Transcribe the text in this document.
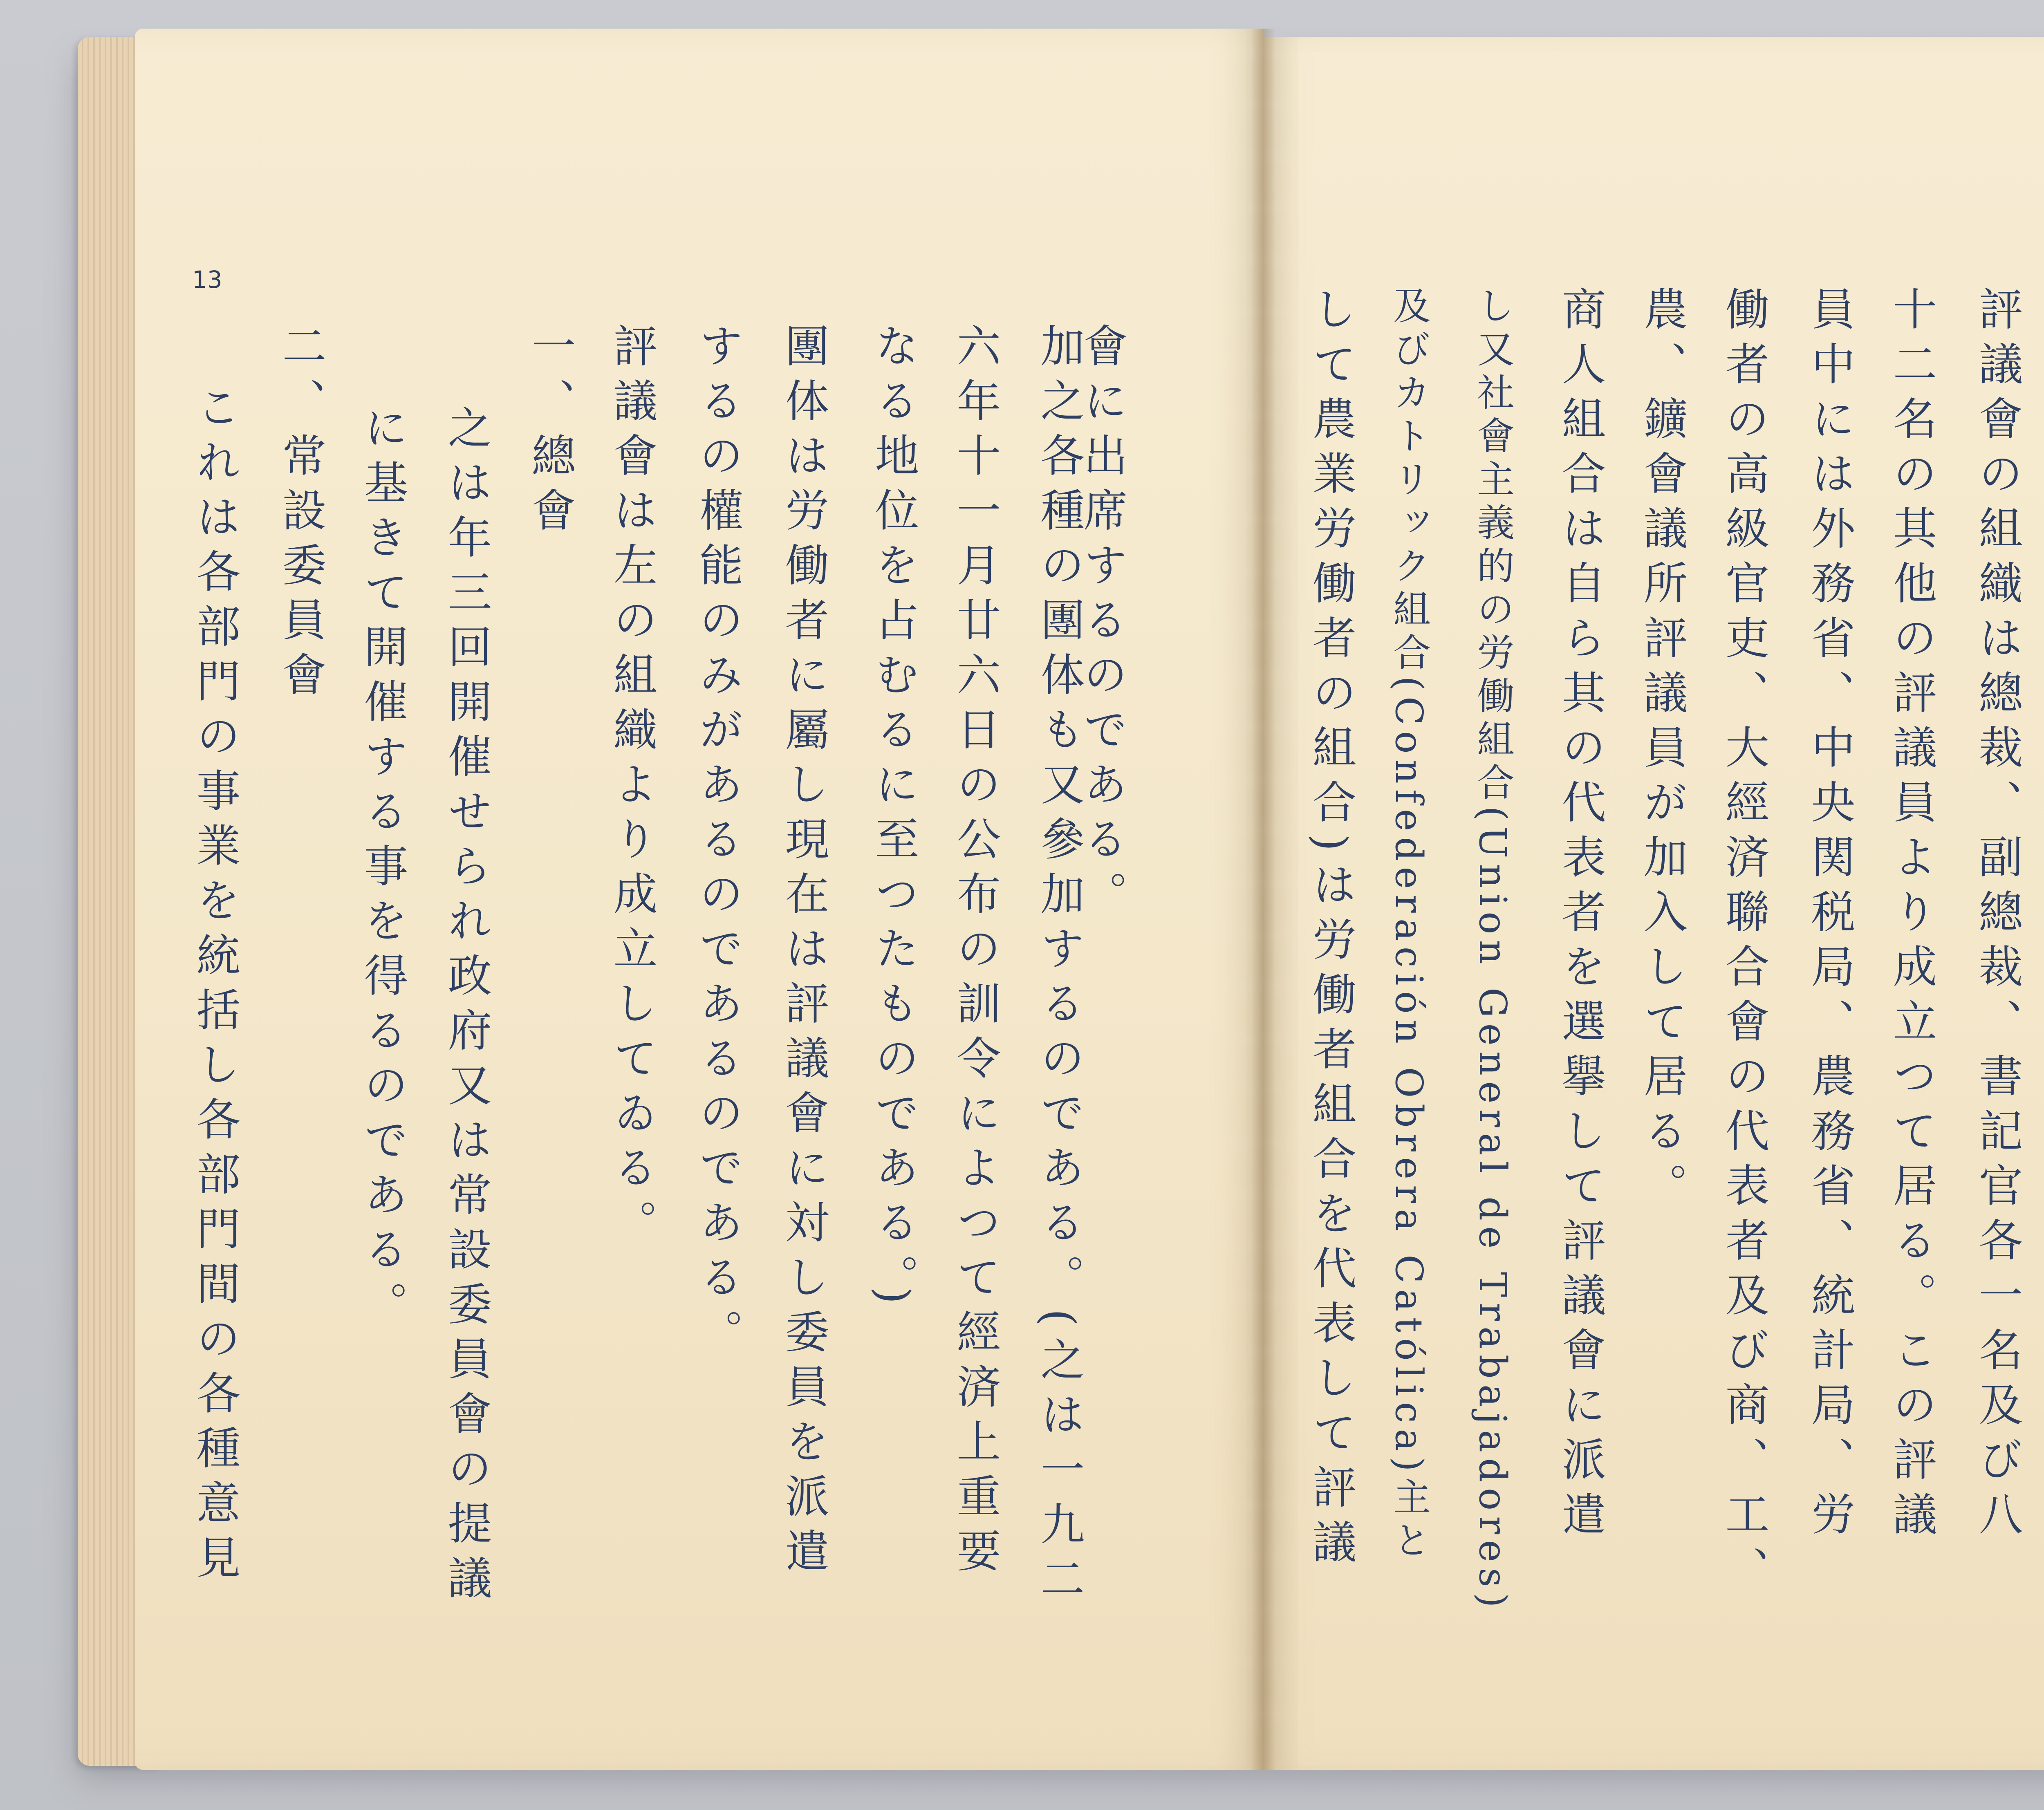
13
會に出席するのである。
加之各種の團体も又參加するのである。(之は一九二
六年十一月廿六日の公布の訓令によつて經済上重要
なる地位を占むるに至つたものである。)
團体は労働者に屬し現在は評議會に対し委員を派遣
するの權能のみがあるのであるのである。
評議會は左の組織より成立してゐる。
一、總會
之は年三回開催せられ政府又は常設委員會の提議
に基きて開催する事を得るのである。
二、常設委員會
これは各部門の事業を統括し各部門間の各種意見	評議會の組織は總裁、副總裁、書記官各一名及び八
十二名の其他の評議員より成立つて居る。この評議
員中には外務省、中央関税局、農務省、統計局、労
働者の高級官吏、大經済聯合會の代表者及び商、工、
農、鑛會議所評議員が加入して居る。
商人組合は自ら其の代表者を選擧して評議會に派遣
し又社會主義的の労働組合(Union General de Trabajadores)
及びカトリック組合(Confederación Obrera Católica)主と
して農業労働者の組合)は労働者組合を代表して評議
